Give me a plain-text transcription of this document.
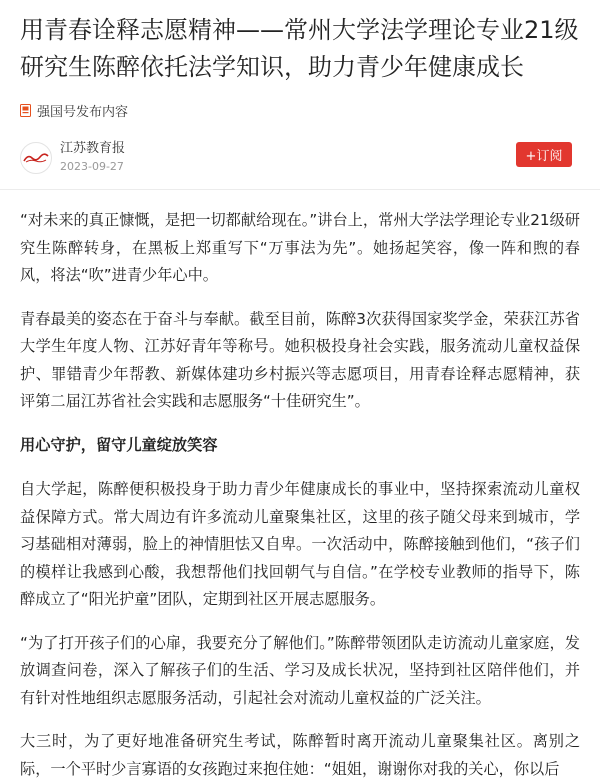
用青春诠释志愿精神——常州大学法学理论专业21级研究生陈醉依托法学知识，助力青少年健康成长
强国号发布内容
江苏教育报
2023-09-27
+订阅

“对未来的真正慷慨，是把一切都献给现在。”讲台上，常州大学法学理论专业21级研究生陈醉转身，在黑板上郑重写下“万事法为先”。她扬起笑容，像一阵和煦的春风，将法“吹”进青少年心中。

青春最美的姿态在于奋斗与奉献。截至目前，陈醉3次获得国家奖学金，荣获江苏省大学生年度人物、江苏好青年等称号。她积极投身社会实践，服务流动儿童权益保护、罪错青少年帮教、新媒体建功乡村振兴等志愿项目，用青春诠释志愿精神，获评第二届江苏省社会实践和志愿服务“十佳研究生”。

用心守护，留守儿童绽放笑容

自大学起，陈醉便积极投身于助力青少年健康成长的事业中，坚持探索流动儿童权益保障方式。常大周边有许多流动儿童聚集社区，这里的孩子随父母来到城市，学习基础相对薄弱，脸上的神情胆怯又自卑。一次活动中，陈醉接触到他们，“孩子们的模样让我感到心酸，我想帮他们找回朝气与自信。”在学校专业教师的指导下，陈醉成立了“阳光护童”团队，定期到社区开展志愿服务。

“为了打开孩子们的心扉，我要充分了解他们。”陈醉带领团队走访流动儿童家庭，发放调查问卷，深入了解孩子们的生活、学习及成长状况，坚持到社区陪伴他们，并有针对性地组织志愿服务活动，引起社会对流动儿童权益的广泛关注。

大三时，为了更好地准备研究生考试，陈醉暂时离开流动儿童聚集社区。离别之际，一个平时少言寡语的女孩跑过来抱住她：“姐姐，谢谢你对我的关心，你以后
